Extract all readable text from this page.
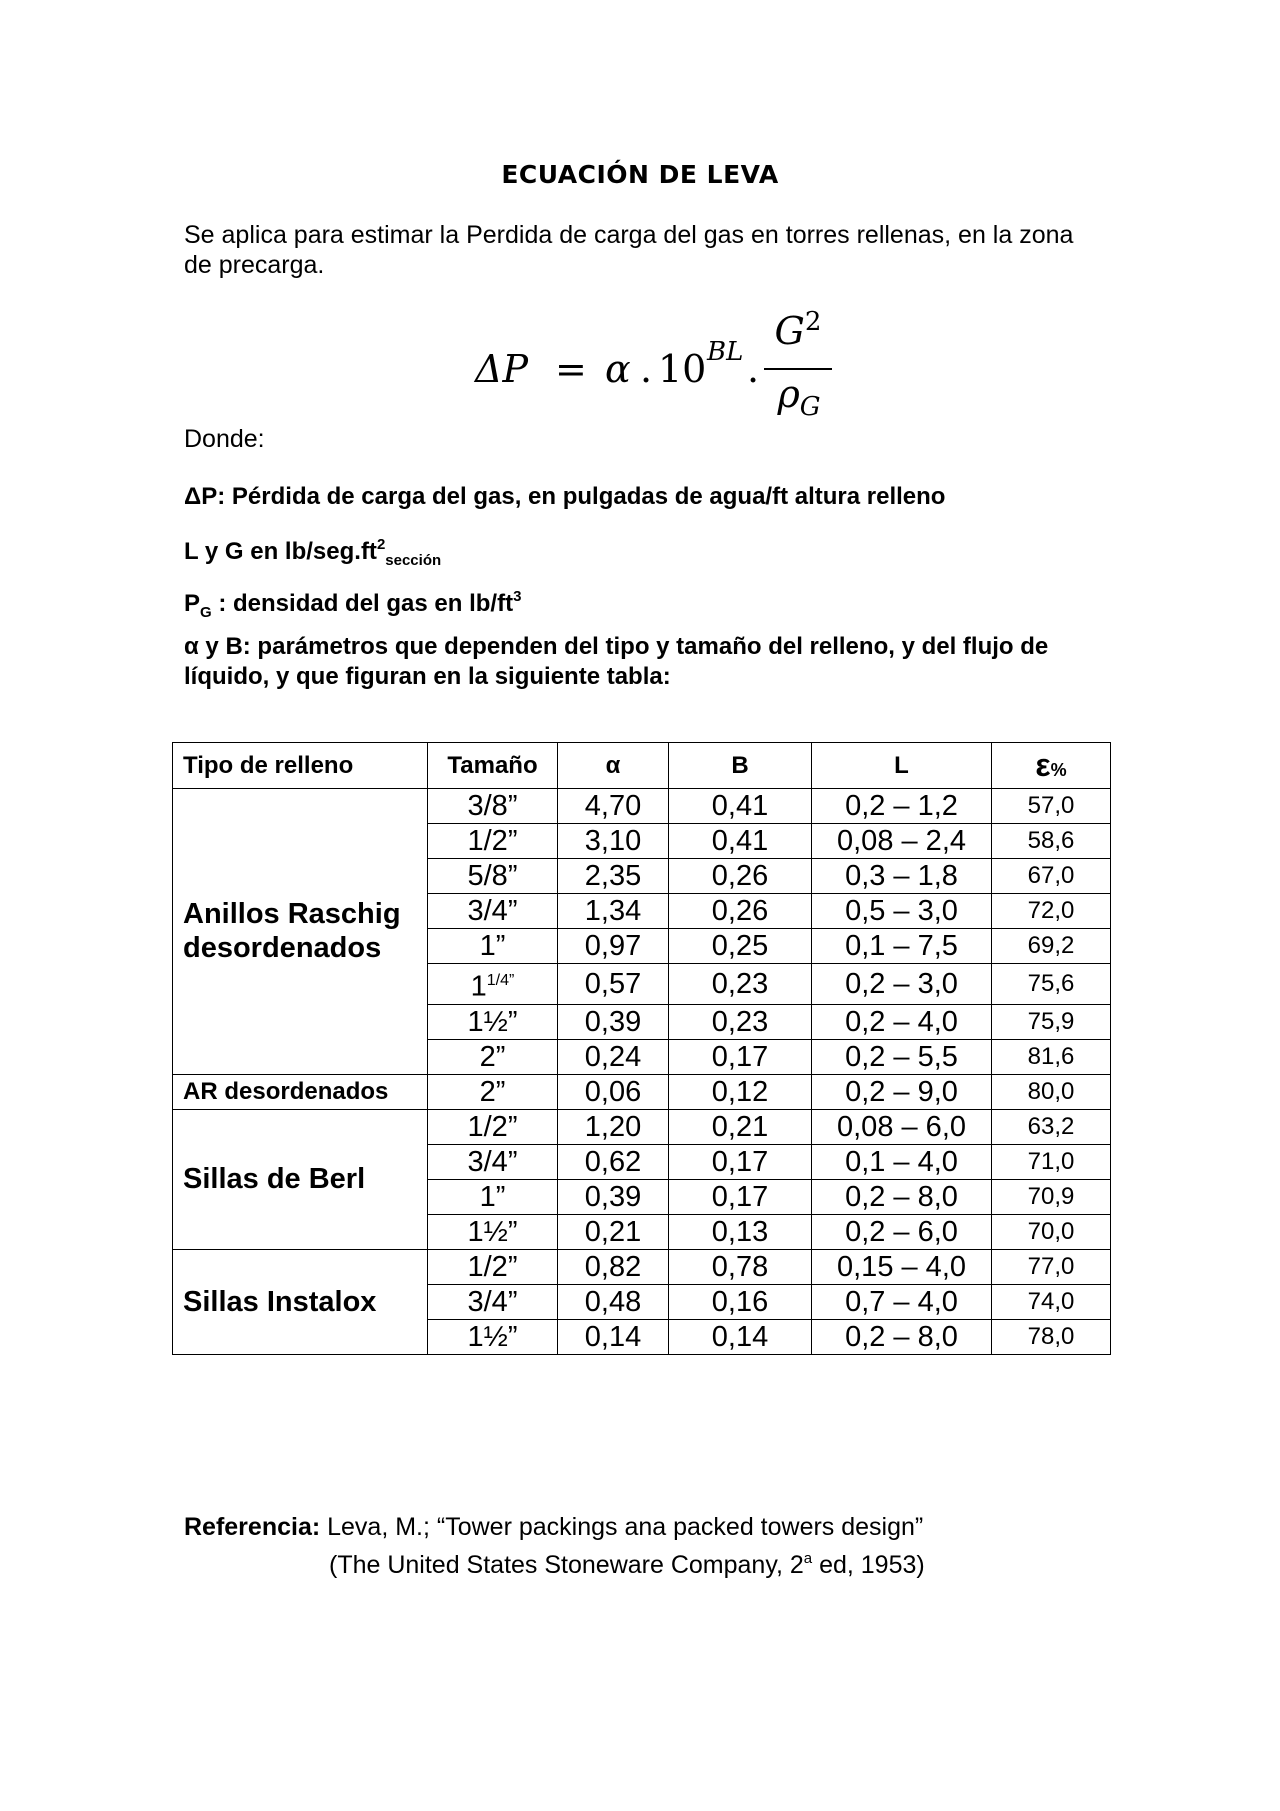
ECUACIÓN DE LEVA
Se aplica para estimar la Perdida de carga del gas en torres rellenas, en la zona de precarga.
ΔP = α . 10 BL .
$G^2$
$\rho_G$
Donde:
ΔP: Pérdida de carga del gas, en pulgadas de agua/ft altura relleno
L y G en $lb/seg.ft^2_{sección}$
$P_G$ : densidad del gas en $lb/ft^3$
α y B: parámetros que dependen del tipo y tamaño del relleno, y del flujo de líquido, y que figuran en la siguiente tabla:
Tipo de relleno	Tamaño	α	B	L	ε%
Anillos Raschig desordenados	3/8”	4,70	0,41	0,2 – 1,2	57,0
	1/2”	3,10	0,41	0,08 – 2,4	58,6
	5/8”	2,35	0,26	0,3 – 1,8	67,0
	3/4”	1,34	0,26	0,5 – 3,0	72,0
	1”	0,97	0,25	0,1 – 7,5	69,2
	$1^{1/4”}$	0,57	0,23	0,2 – 3,0	75,6
	1½”	0,39	0,23	0,2 – 4,0	75,9
	2”	0,24	0,17	0,2 – 5,5	81,6
AR desordenados	2”	0,06	0,12	0,2 – 9,0	80,0
Sillas de Berl	1/2”	1,20	0,21	0,08 – 6,0	63,2
	3/4”	0,62	0,17	0,1 – 4,0	71,0
	1”	0,39	0,17	0,2 – 8,0	70,9
	1½”	0,21	0,13	0,2 – 6,0	70,0
Sillas Instalox	1/2”	0,82	0,78	0,15 – 4,0	77,0
	3/4”	0,48	0,16	0,7 – 4,0	74,0
	1½”	0,14	0,14	0,2 – 8,0	78,0
Referencia: Leva, M.; “Tower packings ana packed towers design”
(The United States Stoneware Company, 2$^a$ ed, 1953)
